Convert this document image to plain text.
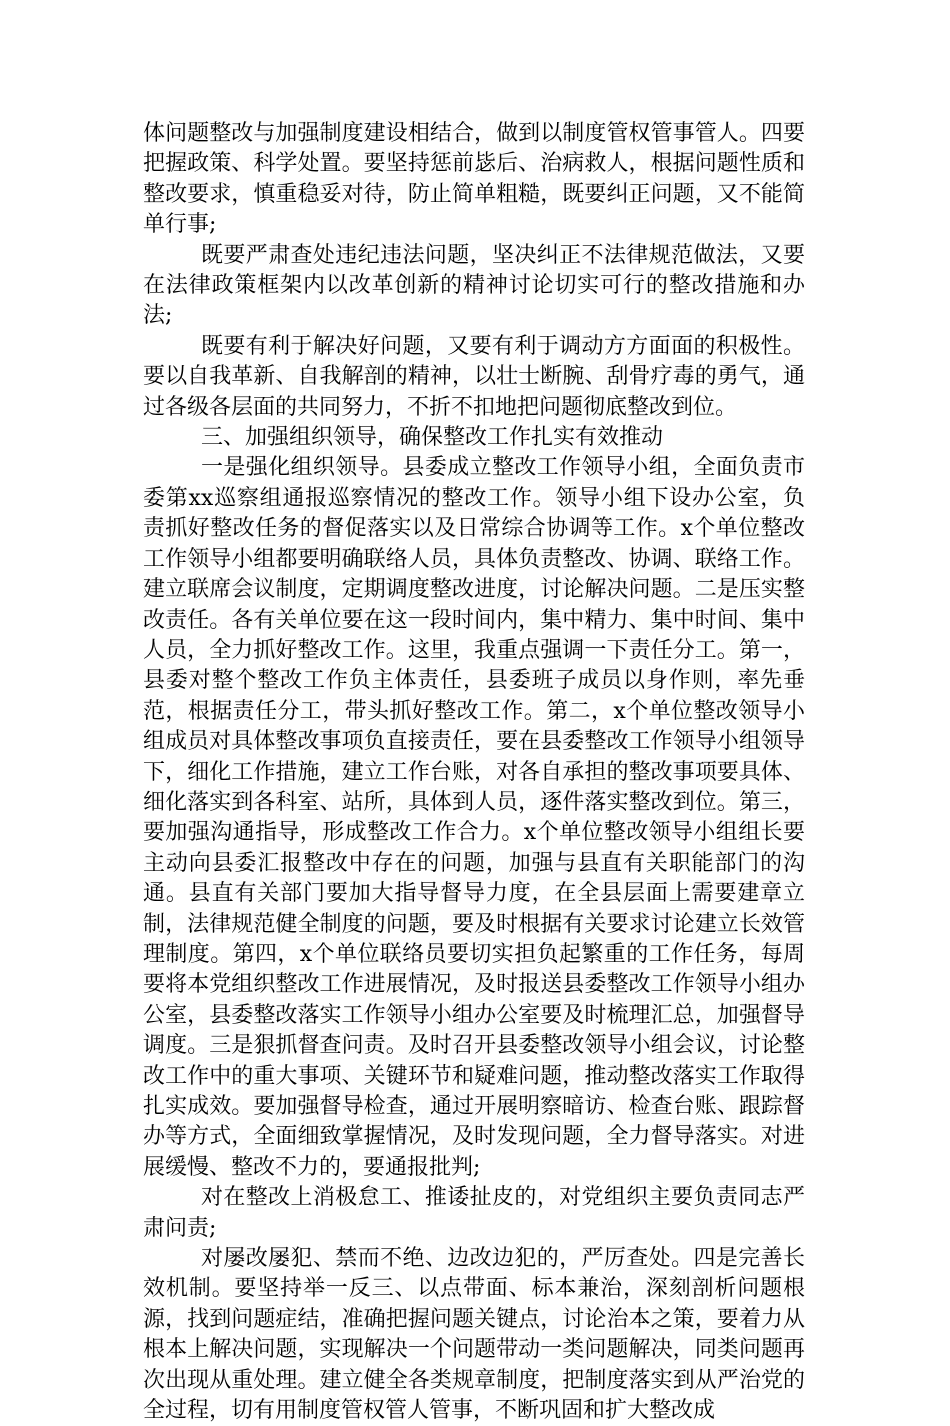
体问题整改与加强制度建设相结合，做到以制度管权管事管人。四要把握政策、科学处置。要坚持惩前毖后、治病救人，根据问题性质和整改要求，慎重稳妥对待，防止简单粗糙，既要纠正问题，又不能简单行事;

既要严肃查处违纪违法问题，坚决纠正不法律规范做法，又要在法律政策框架内以改革创新的精神讨论切实可行的整改措施和办法;

既要有利于解决好问题，又要有利于调动方方面面的积极性。要以自我革新、自我解剖的精神，以壮士断腕、刮骨疗毒的勇气，通过各级各层面的共同努力，不折不扣地把问题彻底整改到位。

三、加强组织领导，确保整改工作扎实有效推动

一是强化组织领导。县委成立整改工作领导小组，全面负责市委第xx巡察组通报巡察情况的整改工作。领导小组下设办公室，负责抓好整改任务的督促落实以及日常综合协调等工作。x个单位整改工作领导小组都要明确联络人员，具体负责整改、协调、联络工作。建立联席会议制度，定期调度整改进度，讨论解决问题。二是压实整改责任。各有关单位要在这一段时间内，集中精力、集中时间、集中人员，全力抓好整改工作。这里，我重点强调一下责任分工。第一，县委对整个整改工作负主体责任，县委班子成员以身作则，率先垂范，根据责任分工，带头抓好整改工作。第二，x个单位整改领导小组成员对具体整改事项负直接责任，要在县委整改工作领导小组领导下，细化工作措施，建立工作台账，对各自承担的整改事项要具体、细化落实到各科室、站所，具体到人员，逐件落实整改到位。第三，要加强沟通指导，形成整改工作合力。x个单位整改领导小组组长要主动向县委汇报整改中存在的问题，加强与县直有关职能部门的沟通。县直有关部门要加大指导督导力度，在全县层面上需要建章立制，法律规范健全制度的问题，要及时根据有关要求讨论建立长效管理制度。第四，x个单位联络员要切实担负起繁重的工作任务，每周要将本党组织整改工作进展情况，及时报送县委整改工作领导小组办公室，县委整改落实工作领导小组办公室要及时梳理汇总，加强督导调度。三是狠抓督查问责。及时召开县委整改领导小组会议，讨论整改工作中的重大事项、关键环节和疑难问题，推动整改落实工作取得扎实成效。要加强督导检查，通过开展明察暗访、检查台账、跟踪督办等方式，全面细致掌握情况，及时发现问题，全力督导落实。对进展缓慢、整改不力的，要通报批判;

对在整改上消极怠工、推诿扯皮的，对党组织主要负责同志严肃问责;

对屡改屡犯、禁而不绝、边改边犯的，严厉查处。四是完善长效机制。要坚持举一反三、以点带面、标本兼治，深刻剖析问题根源，找到问题症结，准确把握问题关键点，讨论治本之策，要着力从根本上解决问题，实现解决一个问题带动一类问题解决，同类问题再次出现从重处理。建立健全各类规章制度，把制度落实到从严治党的全过程，切有用制度管权管人管事，不断巩固和扩大整改成
